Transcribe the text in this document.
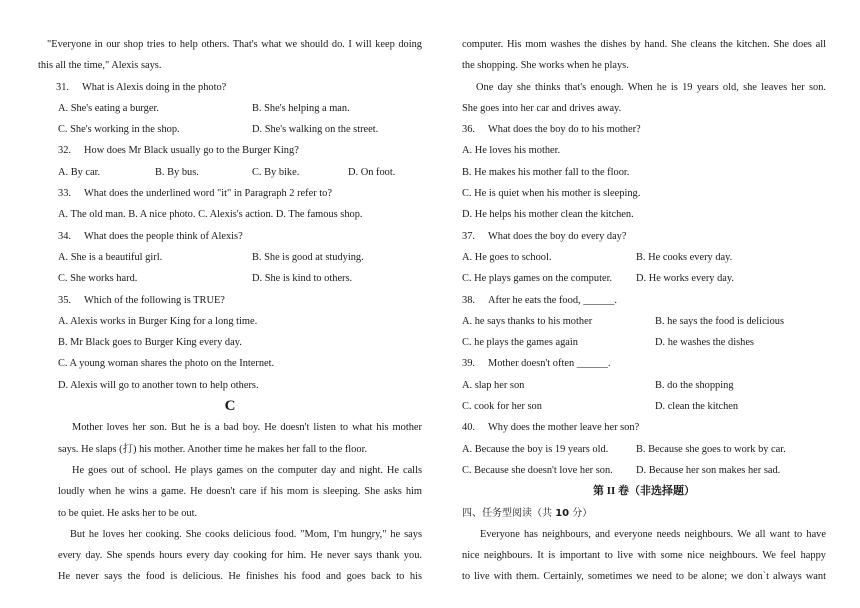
"Everyone in our shop tries to help others. That's what we should do. I will keep doing
this all the time," Alexis says.
31. What is Alexis doing in the photo?
A. She's eating a burger.	B. She's helping a man.
C. She's working in the shop.	D. She's walking on the street.
32. How does Mr Black usually go to the Burger King?
A. By car.	B. By bus.	C. By bike.	D. On foot.
33. What does the underlined word "it" in Paragraph 2 refer to?
A. The old man. B. A nice photo. C. Alexis's action. D. The famous shop.
34. What does the people think of Alexis?
A. She is a beautiful girl.	B. She is good at studying.
C. She works hard.	D. She is kind to others.
35. Which of the following is TRUE?
A. Alexis works in Burger King for a long time.
B. Mr Black goes to Burger King every day.
C. A young woman shares the photo on the Internet.
D. Alexis will go to another town to help others.
C
Mother loves her son. But he is a bad boy. He doesn't listen to what his mother
says. He slaps (打) his mother. Another time he makes her fall to the floor.
He goes out of school. He plays games on the computer day and night. He calls
loudly when he wins a game. He doesn't care if his mom is sleeping. She asks him
to be quiet. He asks her to be out.
But he loves her cooking. She cooks delicious food. "Mom, I'm hungry," he says
every day. She spends hours every day cooking for him. He never says thank you.
He never says the food is delicious. He finishes his food and goes back to his
computer. His mom washes the dishes by hand. She cleans the kitchen. She does all
the shopping. She works when he plays.
One day she thinks that's enough. When he is 19 years old, she leaves her son.
She goes into her car and drives away.
36. What does the boy do to his mother?
A. He loves his mother.
B. He makes his mother fall to the floor.
C. He is quiet when his mother is sleeping.
D. He helps his mother clean the kitchen.
37. What does the boy do every day?
A. He goes to school.	B. He cooks every day.
C. He plays games on the computer. D. He works every day.
38. After he eats the food, ______.
A. he says thanks to his mother	B. he says the food is delicious
C. he plays the games again	D. he washes the dishes
39. Mother doesn't often ______.
A. slap her son	B. do the shopping
C. cook for her son	D. clean the kitchen
40. Why does the mother leave her son?
A. Because the boy is 19 years old.	B. Because she goes to work by car.
C. Because she doesn't love her son. D. Because her son makes her sad.
第 II 卷（非选择题）
四、任务型阅读（共 10 分）
Everyone has neighbours, and everyone needs neighbours. We all want to have
nice neighbours. It is important to live with some nice neighbours. We feel happy
to live with them. Certainly, sometimes we need to be alone; we don`t always want
